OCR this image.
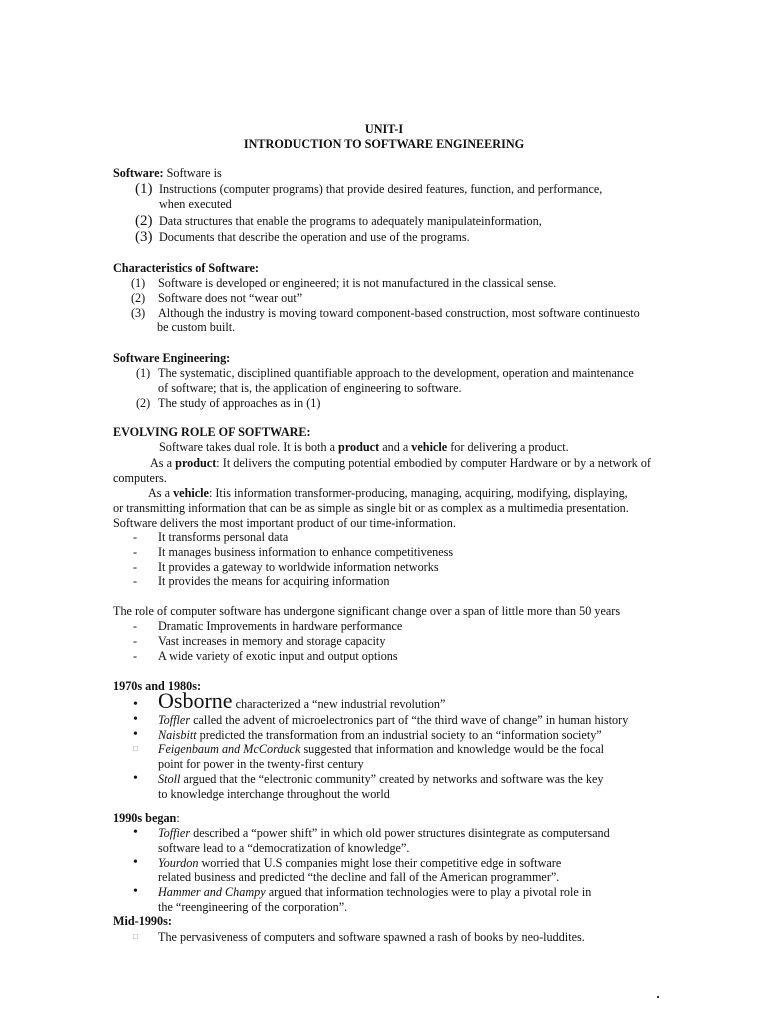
UNIT-I
INTRODUCTION TO SOFTWARE ENGINEERING
Software: Software is
(1) Instructions (computer programs) that provide desired features, function, and performance,
when executed
(2) Data structures that enable the programs to adequately manipulateinformation,
(3) Documents that describe the operation and use of the programs.
Characteristics of Software:
(1)	Software is developed or engineered; it is not manufactured in the classical sense.
(2)	Software does not “wear out”
(3)	Although the industry is moving toward component-based construction, most software continuesto
be custom built.
Software Engineering:
(1) The systematic, disciplined quantifiable approach to the development, operation and maintenance
of software; that is, the application of engineering to software.
(2) The study of approaches as in (1)
EVOLVING ROLE OF SOFTWARE:
Software takes dual role. It is both a product and a vehicle for delivering a product.
As a product: It delivers the computing potential embodied by computer Hardware or by a network of computers.
As a vehicle: Itis information transformer-producing, managing, acquiring, modifying, displaying,
or transmitting information that can be as simple as single bit or as complex as a multimedia presentation.
Software delivers the most important product of our time-information.
-	It transforms personal data
-	It manages business information to enhance competitiveness
-	It provides a gateway to worldwide information networks
-	It provides the means for acquiring information
The role of computer software has undergone significant change over a span of little more than 50 years
-	Dramatic Improvements in hardware performance
-	Vast increases in memory and storage capacity
-	A wide variety of exotic input and output options
1970s and 1980s:
• Osborne characterized a “new industrial revolution”
•	Toffler called the advent of microelectronics part of “the third wave of change” in human history
•	Naisbitt predicted the transformation from an industrial society to an “information society”
□	Feigenbaum and McCorduck suggested that information and knowledge would be the focal
point for power in the twenty-first century
•	Stoll argued that the “electronic community” created by networks and software was the key
to knowledge interchange throughout the world
1990s began:
•	Toffier described a “power shift” in which old power structures disintegrate as computersand
software lead to a “democratization of knowledge”.
•	Yourdon worried that U.S companies might lose their competitive edge in software
related business and predicted “the decline and fall of the American programmer”.
•	Hammer and Champy argued that information technologies were to play a pivotal role in
the “reengineering of the corporation”.
Mid-1990s:
□	The pervasiveness of computers and software spawned a rash of books by neo-luddites.
